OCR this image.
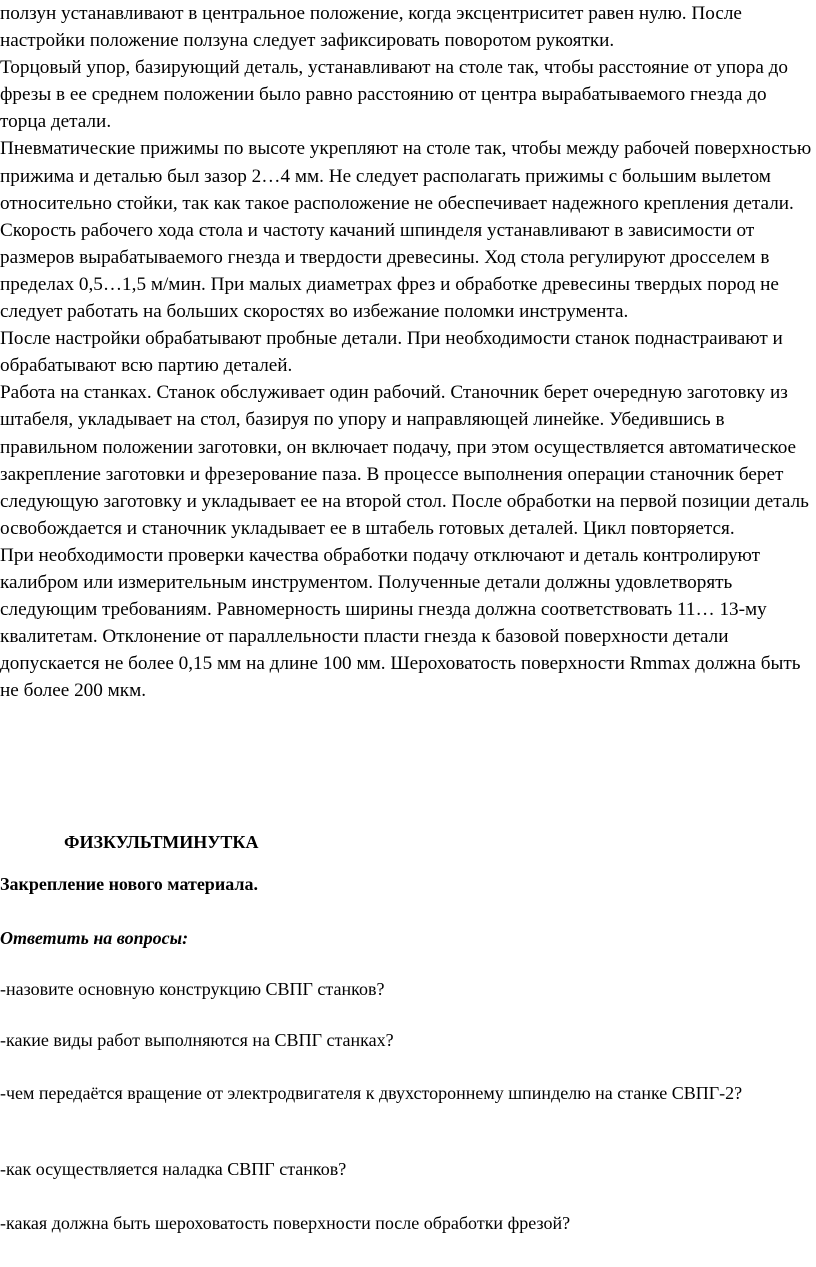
ползун устанавливают в центральное положение, когда эксцентриситет равен нулю. После настройки положение ползуна следует зафиксировать поворотом рукоятки.

Торцовый упор, базирующий деталь, устанавливают на столе так, чтобы расстояние от упора до фрезы в ее среднем положении было равно расстоянию от центра вырабатываемого гнезда до торца детали.

Пневматические прижимы по высоте укрепляют на столе так, чтобы между рабочей поверхностью прижима и деталью был зазор 2…4 мм. Не следует располагать прижимы с большим вылетом относительно стойки, так как такое расположение не обеспечивает надежного крепления детали.

Скорость рабочего хода стола и частоту качаний шпинделя устанавливают в зависимости от размеров вырабатываемого гнезда и твердости древесины. Ход стола регулируют дросселем в пределах 0,5…1,5 м/мин. При малых диаметрах фрез и обработке древесины твердых пород не следует работать на больших скоростях во избежание поломки инструмента.

После настройки обрабатывают пробные детали. При необходимости станок поднастраивают и обрабатывают всю партию деталей.

Работа на станках. Станок обслуживает один рабочий. Станочник берет очередную заготовку из штабеля, укладывает на стол, базируя по упору и направляющей линейке. Убедившись в правильном положении заготовки, он включает подачу, при этом осуществляется автоматическое закрепление заготовки и фрезерование паза. В процессе выполнения операции станочник берет следующую заготовку и укладывает ее на второй стол. После обработки на первой позиции деталь освобождается и станочник укладывает ее в штабель готовых деталей. Цикл повторяется.

При необходимости проверки качества обработки подачу отключают и деталь контролируют калибром или измерительным инструментом. Полученные детали должны удовлетворять следующим требованиям. Равномерность ширины гнезда должна соответствовать 11… 13-му квалитетам. Отклонение от параллельности пласти гнезда к базовой поверхности детали допускается не более 0,15 мм на длине 100 мм. Шероховатость поверхности Rmmax должна быть не более 200 мкм.

ФИЗКУЛЬТМИНУТКА
Закрепление нового материала.
Ответить на вопросы:
-назовите основную конструкцию СВПГ станков?
-какие виды работ выполняются на СВПГ станках?
-чем передаётся вращение от электродвигателя к двухстороннему шпинделю на станке СВПГ-2?
-как осуществляется наладка СВПГ станков?
-какая должна быть шероховатость поверхности после обработки фрезой?
